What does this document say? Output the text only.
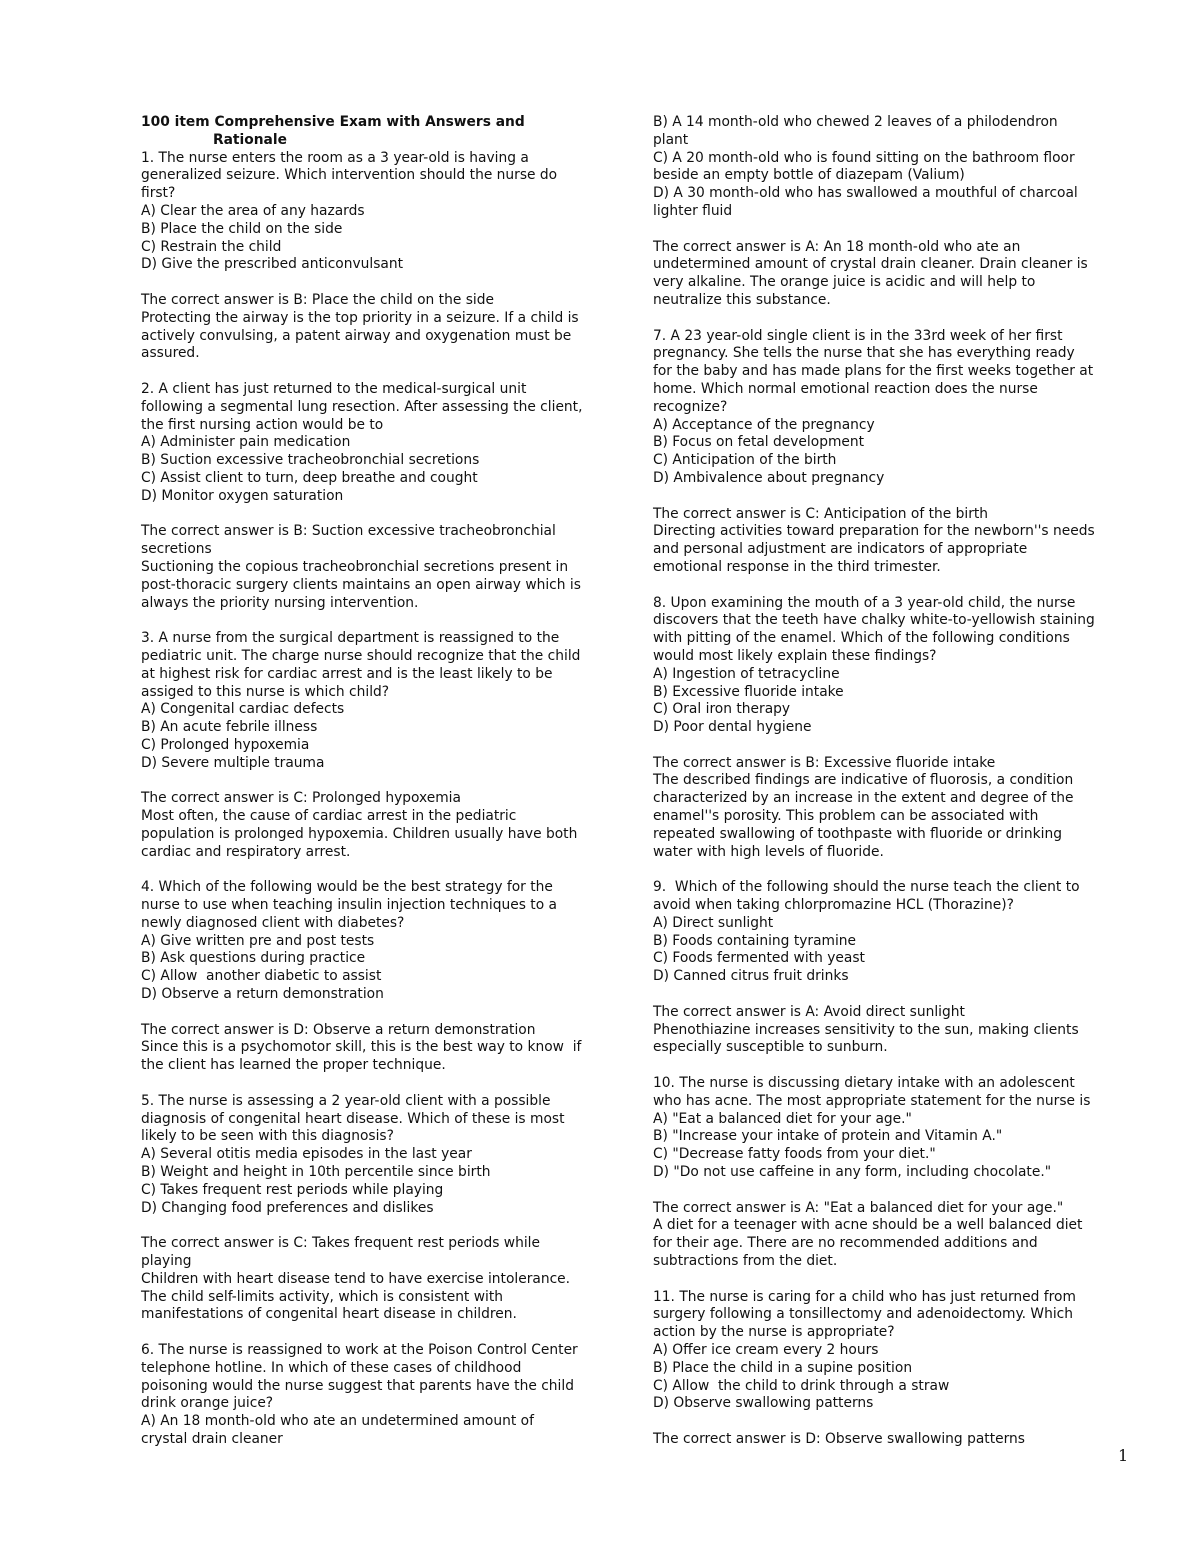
100 item Comprehensive Exam with Answers and
Rationale
1. The nurse enters the room as a 3 year-old is having a
generalized seizure. Which intervention should the nurse do
first?
A) Clear the area of any hazards
B) Place the child on the side
C) Restrain the child
D) Give the prescribed anticonvulsant
The correct answer is B: Place the child on the side
Protecting the airway is the top priority in a seizure. If a child is
actively convulsing, a patent airway and oxygenation must be
assured.
2. A client has just returned to the medical-surgical unit
following a segmental lung resection. After assessing the client,
the first nursing action would be to
A) Administer pain medication
B) Suction excessive tracheobronchial secretions
C) Assist client to turn, deep breathe and cought
D) Monitor oxygen saturation
The correct answer is B: Suction excessive tracheobronchial
secretions
Suctioning the copious tracheobronchial secretions present in
post-thoracic surgery clients maintains an open airway which is
always the priority nursing intervention.
3. A nurse from the surgical department is reassigned to the
pediatric unit. The charge nurse should recognize that the child
at highest risk for cardiac arrest and is the least likely to be
assiged to this nurse is which child?
A) Congenital cardiac defects
B) An acute febrile illness
C) Prolonged hypoxemia
D) Severe multiple trauma
The correct answer is C: Prolonged hypoxemia
Most often, the cause of cardiac arrest in the pediatric
population is prolonged hypoxemia. Children usually have both
cardiac and respiratory arrest.
4. Which of the following would be the best strategy for the
nurse to use when teaching insulin injection techniques to a
newly diagnosed client with diabetes?
A) Give written pre and post tests
B) Ask questions during practice
C) Allow  another diabetic to assist
D) Observe a return demonstration
The correct answer is D: Observe a return demonstration
Since this is a psychomotor skill, this is the best way to know  if
the client has learned the proper technique.
5. The nurse is assessing a 2 year-old client with a possible
diagnosis of congenital heart disease. Which of these is most
likely to be seen with this diagnosis?
A) Several otitis media episodes in the last year
B) Weight and height in 10th percentile since birth
C) Takes frequent rest periods while playing
D) Changing food preferences and dislikes
The correct answer is C: Takes frequent rest periods while
playing
Children with heart disease tend to have exercise intolerance.
The child self-limits activity, which is consistent with
manifestations of congenital heart disease in children.
6. The nurse is reassigned to work at the Poison Control Center
telephone hotline. In which of these cases of childhood
poisoning would the nurse suggest that parents have the child
drink orange juice?
A) An 18 month-old who ate an undetermined amount of
crystal drain cleaner
B) A 14 month-old who chewed 2 leaves of a philodendron
plant
C) A 20 month-old who is found sitting on the bathroom floor
beside an empty bottle of diazepam (Valium)
D) A 30 month-old who has swallowed a mouthful of charcoal
lighter fluid
The correct answer is A: An 18 month-old who ate an
undetermined amount of crystal drain cleaner. Drain cleaner is
very alkaline. The orange juice is acidic and will help to
neutralize this substance.
7. A 23 year-old single client is in the 33rd week of her first
pregnancy. She tells the nurse that she has everything ready
for the baby and has made plans for the first weeks together at
home. Which normal emotional reaction does the nurse
recognize?
A) Acceptance of the pregnancy
B) Focus on fetal development
C) Anticipation of the birth
D) Ambivalence about pregnancy
The correct answer is C: Anticipation of the birth
Directing activities toward preparation for the newborn''s needs
and personal adjustment are indicators of appropriate
emotional response in the third trimester.
8. Upon examining the mouth of a 3 year-old child, the nurse
discovers that the teeth have chalky white-to-yellowish staining
with pitting of the enamel. Which of the following conditions
would most likely explain these findings?
A) Ingestion of tetracycline
B) Excessive fluoride intake
C) Oral iron therapy
D) Poor dental hygiene
The correct answer is B: Excessive fluoride intake
The described findings are indicative of fluorosis, a condition
characterized by an increase in the extent and degree of the
enamel''s porosity. This problem can be associated with
repeated swallowing of toothpaste with fluoride or drinking
water with high levels of fluoride.
9.  Which of the following should the nurse teach the client to
avoid when taking chlorpromazine HCL (Thorazine)?
A) Direct sunlight
B) Foods containing tyramine
C) Foods fermented with yeast
D) Canned citrus fruit drinks
The correct answer is A: Avoid direct sunlight
Phenothiazine increases sensitivity to the sun, making clients
especially susceptible to sunburn.
10. The nurse is discussing dietary intake with an adolescent
who has acne. The most appropriate statement for the nurse is
A) "Eat a balanced diet for your age."
B) "Increase your intake of protein and Vitamin A."
C) "Decrease fatty foods from your diet."
D) "Do not use caffeine in any form, including chocolate."
The correct answer is A: "Eat a balanced diet for your age."
A diet for a teenager with acne should be a well balanced diet
for their age. There are no recommended additions and
subtractions from the diet.
11. The nurse is caring for a child who has just returned from
surgery following a tonsillectomy and adenoidectomy. Which
action by the nurse is appropriate?
A) Offer ice cream every 2 hours
B) Place the child in a supine position
C) Allow  the child to drink through a straw
D) Observe swallowing patterns
The correct answer is D: Observe swallowing patterns
1
